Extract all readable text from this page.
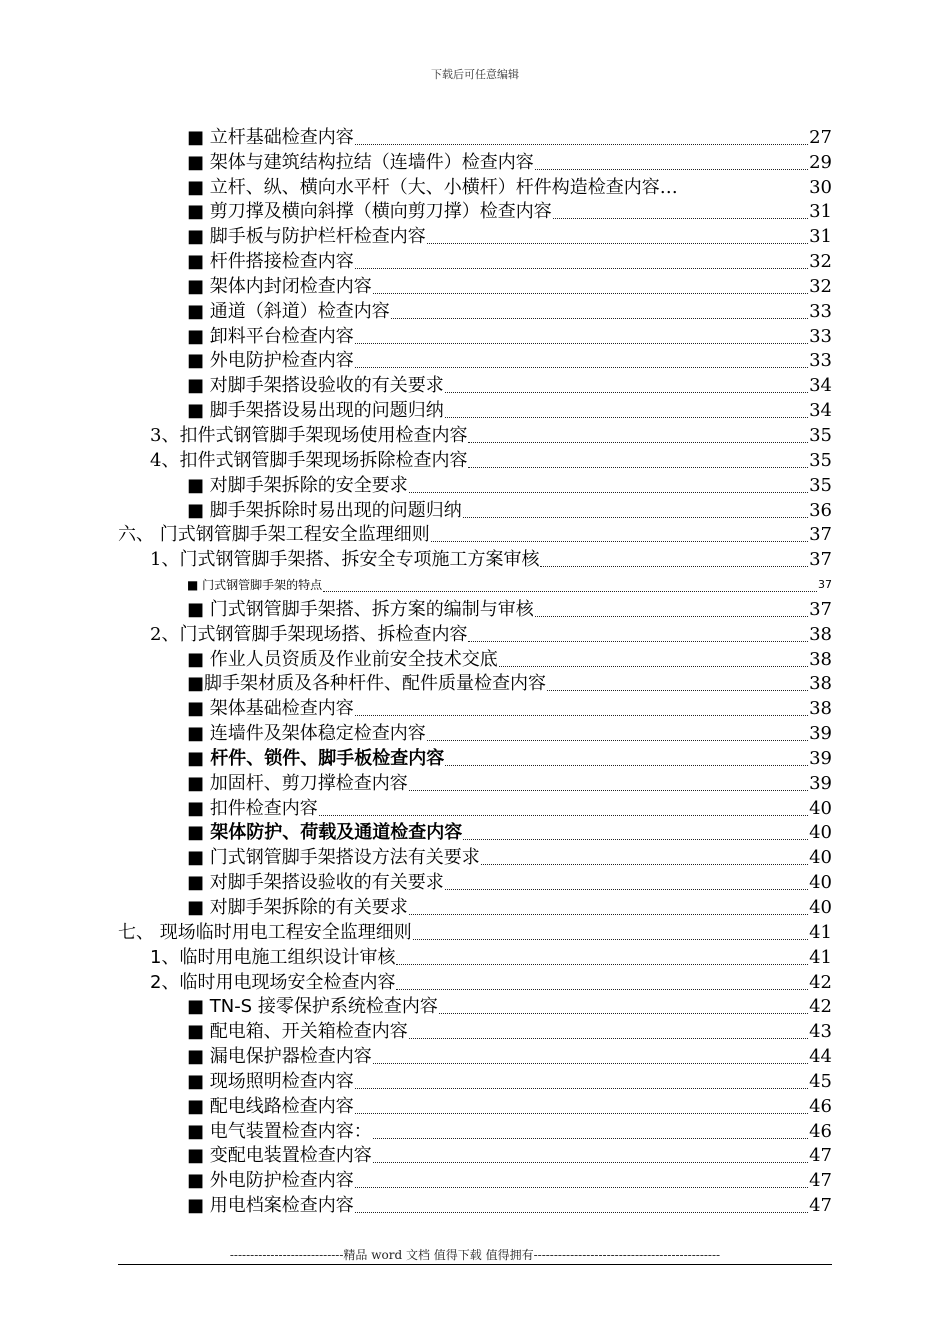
下载后可任意编辑
■ 立杆基础检查内容	27
■ 架体与建筑结构拉结（连墙件）检查内容	29
■ 立杆、纵、横向水平杆（大、小横杆）杆件构造检查内容…	30
■ 剪刀撑及横向斜撑（横向剪刀撑）检查内容	31
■ 脚手板与防护栏杆检查内容	31
■ 杆件搭接检查内容	32
■ 架体内封闭检查内容	32
■ 通道（斜道）检查内容	33
■ 卸料平台检查内容	33
■ 外电防护检查内容	33
■ 对脚手架搭设验收的有关要求	34
■ 脚手架搭设易出现的问题归纳	34
3、扣件式钢管脚手架现场使用检查内容	35
4、扣件式钢管脚手架现场拆除检查内容	35
■ 对脚手架拆除的安全要求	35
■ 脚手架拆除时易出现的问题归纳	36
六、 门式钢管脚手架工程安全监理细则	37
1、门式钢管脚手架搭、拆安全专项施工方案审核	37
■ 门式钢管脚手架的特点	37
■ 门式钢管脚手架搭、拆方案的编制与审核	37
2、门式钢管脚手架现场搭、拆检查内容	38
■ 作业人员资质及作业前安全技术交底	38
■脚手架材质及各种杆件、配件质量检查内容	38
■ 架体基础检查内容	38
■ 连墙件及架体稳定检查内容	39
■ 杆件、锁件、脚手板检查内容	39
■ 加固杆、剪刀撑检查内容	39
■ 扣件检查内容	40
■ 架体防护、荷载及通道检查内容	40
■ 门式钢管脚手架搭设方法有关要求	40
■ 对脚手架搭设验收的有关要求	40
■ 对脚手架拆除的有关要求	40
七、 现场临时用电工程安全监理细则	41
1、临时用电施工组织设计审核	41
2、临时用电现场安全检查内容	42
■ TN-S 接零保护系统检查内容	42
■ 配电箱、开关箱检查内容	43
■ 漏电保护器检查内容	44
■ 现场照明检查内容	45
■ 配电线路检查内容	46
■ 电气装置检查内容：	46
■ 变配电装置检查内容	47
■ 外电防护检查内容	47
■ 用电档案检查内容	47
----------------------------精品 word 文档 值得下载 值得拥有----------------------------------------------
